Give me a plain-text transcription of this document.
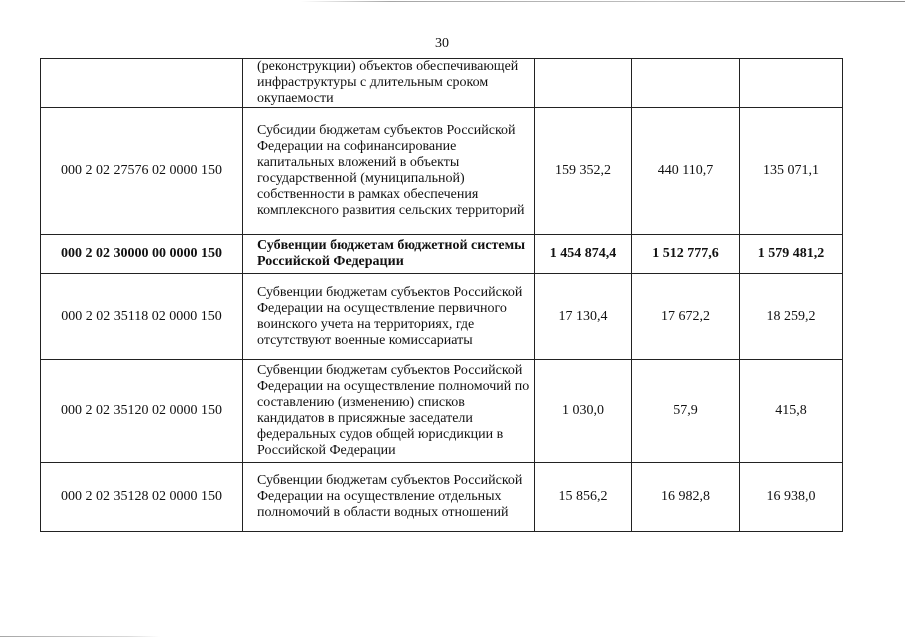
30
	(реконструкции) объектов обеспечивающей инфраструктуры с длительным сроком окупаемости			
000 2 02 27576 02 0000 150	Субсидии бюджетам субъектов Российской Федерации на софинансирование капитальных вложений в объекты государственной (муниципальной) собственности в рамках обеспечения комплексного развития сельских территорий	159 352,2	440 110,7	135 071,1
000 2 02 30000 00 0000 150	Субвенции бюджетам бюджетной системы Российской Федерации	1 454 874,4	1 512 777,6	1 579 481,2
000 2 02 35118 02 0000 150	Субвенции бюджетам субъектов Российской Федерации на осуществление первичного воинского учета на территориях, где отсутствуют военные комиссариаты	17 130,4	17 672,2	18 259,2
000 2 02 35120 02 0000 150	Субвенции бюджетам субъектов Российской Федерации на осуществление полномочий по составлению (изменению) списков кандидатов в присяжные заседатели федеральных судов общей юрисдикции в Российской Федерации	1 030,0	57,9	415,8
000 2 02 35128 02 0000 150	Субвенции бюджетам субъектов Российской Федерации на осуществление отдельных полномочий в области водных отношений	15 856,2	16 982,8	16 938,0
